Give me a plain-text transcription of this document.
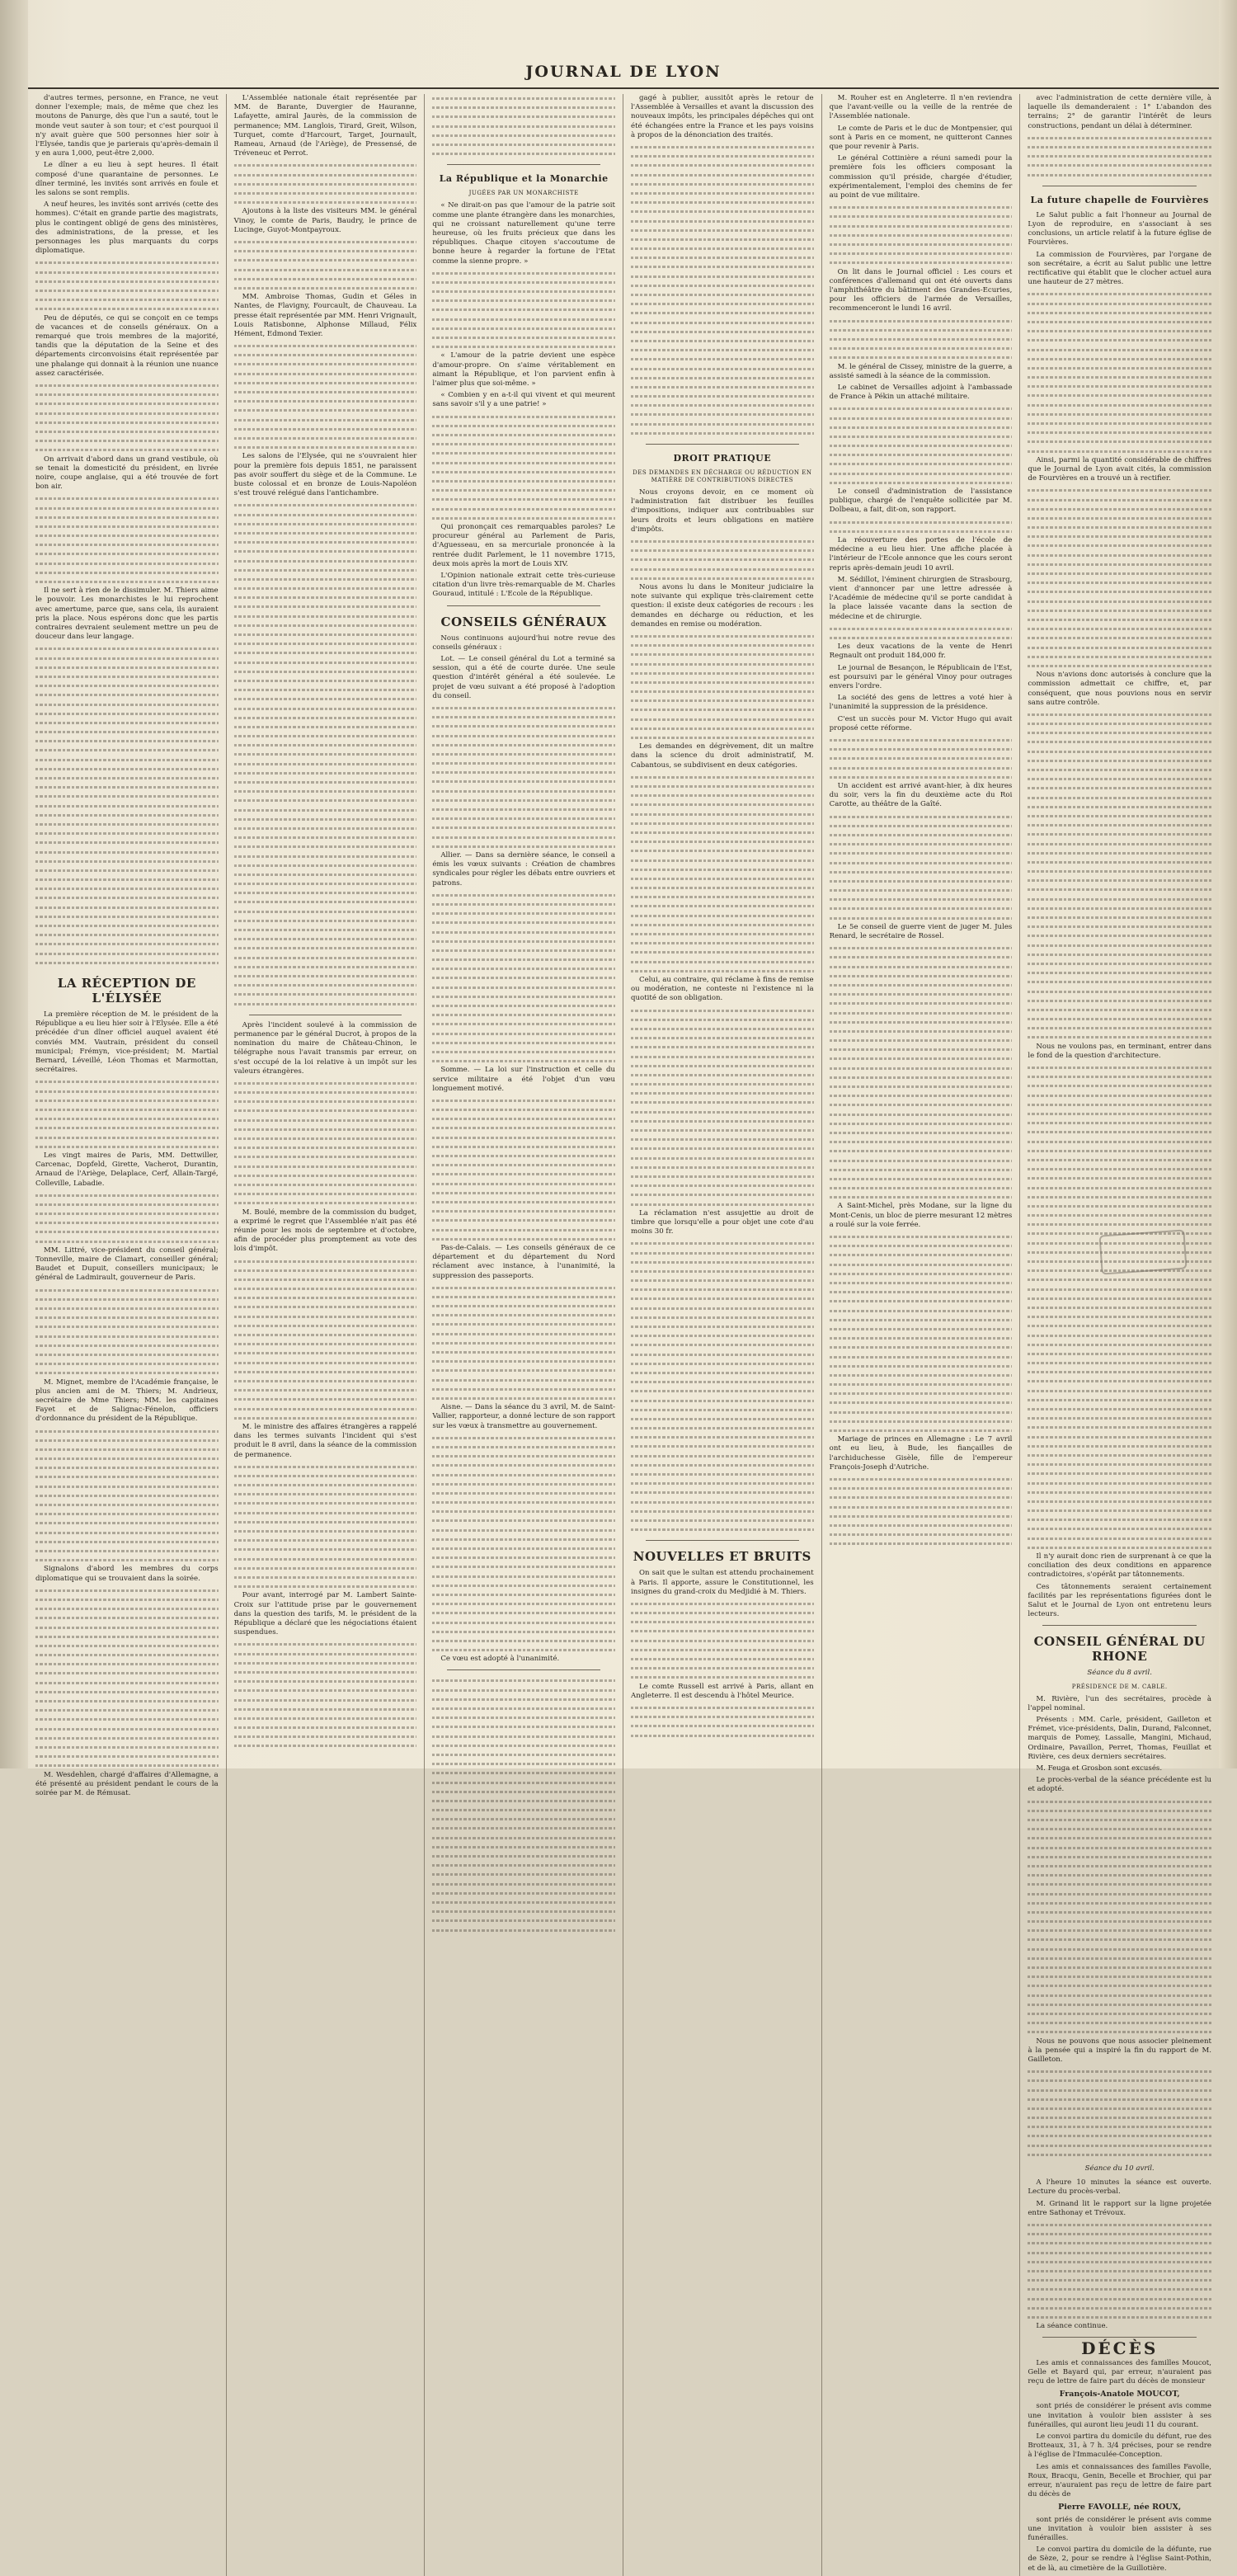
JOURNAL DE LYON

d'autres termes, personne, en France, ne veut donner l'exemple; mais, de même que chez les moutons de Panurge, dès que l'un a sauté, tout le monde veut sauter à son tour; et c'est pourquoi il n'y avait guère que 500 personnes hier soir à l'Elysée, tandis que je parierais qu'après-demain il y en aura 1,000, peut-être 2,000.

Le dîner a eu lieu à sept heures. Il était composé d'une quarantaine de personnes. Le dîner terminé, les invités sont arrivés en foule et les salons se sont remplis.

A neuf heures, les invités sont arrivés (cette des hommes). C'était en grande partie des magistrats, plus le contingent obligé de gens des ministères, des administrations, de la presse, et les personnages les plus marquants du corps diplomatique.

Peu de députés, ce qui se conçoit en ce temps de vacances et de conseils généraux. On a remarqué que trois membres de la majorité, tandis que la députation de la Seine et des départements circonvoisins était représentée par une phalange qui donnait à la réunion une nuance assez caractérisée.

On arrivait d'abord dans un grand vestibule, où se tenait la domesticité du président, en livrée noire, coupe anglaise, qui a été trouvée de fort bon air.

Il ne sert à rien de le dissimuler. M. Thiers aime le pouvoir. Les monarchistes le lui reprochent avec amertume, parce que, sans cela, ils auraient pris la place. Nous espérons donc que les partis contraires devraient seulement mettre un peu de douceur dans leur langage.

LA RÉCEPTION DE L'ÉLYSÉE

La première réception de M. le président de la République a eu lieu hier soir à l'Elysée. Elle a été précédée d'un dîner officiel auquel avaient été conviés MM. Vautrain, président du conseil municipal; Frémyn, vice-président; M. Martial Bernard, Léveillé, Léon Thomas et Marmottan, secrétaires.

Les vingt maires de Paris, MM. Dettwiller, Carcenac, Dopfeld, Girette, Vacherot, Durantin, Arnaud de l'Ariège, Delaplace, Cerf, Allain-Targé, Colleville, Labadie.

MM. Littré, vice-président du conseil général; Tonneville, maire de Clamart, conseiller général; Baudet et Dupuit, conseillers municipaux; le général de Ladmirault, gouverneur de Paris.

M. Mignet, membre de l'Académie française, le plus ancien ami de M. Thiers; M. Andrieux, secrétaire de Mme Thiers; MM. les capitaines Fayet et de Salignac-Fénelon, officiers d'ordonnance du président de la République.

Signalons d'abord les membres du corps diplomatique qui se trouvaient dans la soirée.

M. Wesdehlen, chargé d'affaires d'Allemagne, a été présenté au président pendant le cours de la soirée par M. de Rémusat.

L'Assemblée nationale était représentée par MM. de Barante, Duvergier de Hauranne, Lafayette, amiral Jaurès, de la commission de permanence; MM. Langlois, Tirard, Greit, Wilson, Turquet, comte d'Harcourt, Target, Journault, Rameau, Arnaud (de l'Ariège), de Pressensé, de Tréveneuc et Perrot.

Ajoutons à la liste des visiteurs MM. le général Vinoy, le comte de Paris, Baudry, le prince de Lucinge, Guyot-Montpayroux.

MM. Ambroise Thomas, Gudin et Géles in Nantes, de Flavigny, Fourcault, de Chauveau. La presse était représentée par MM. Henri Vrignault, Louis Ratisbonne, Alphonse Millaud, Félix Hément, Edmond Texier.

Les salons de l'Elysée, qui ne s'ouvraient hier pour la première fois depuis 1851, ne paraissent pas avoir souffert du siège et de la Commune. Le buste colossal et en bronze de Louis-Napoléon s'est trouvé relégué dans l'antichambre.

Après l'incident soulevé à la commission de permanence par le général Ducrot, à propos de la nomination du maire de Château-Chinon, le télégraphe nous l'avait transmis par erreur, on s'est occupé de la loi relative à un impôt sur les valeurs étrangères.

M. Boulé, membre de la commission du budget, a exprimé le regret que l'Assemblée n'ait pas été réunie pour les mois de septembre et d'octobre, afin de procéder plus promptement au vote des lois d'impôt.

M. le ministre des affaires étrangères a rappelé dans les termes suivants l'incident qui s'est produit le 8 avril, dans la séance de la commission de permanence.

Pour avant, interrogé par M. Lambert Sainte-Croix sur l'attitude prise par le gouvernement dans la question des tarifs, M. le président de la République a déclaré que les négociations étaient suspendues.

La République et la Monarchie
JUGÉES PAR UN MONARCHISTE

« Ne dirait-on pas que l'amour de la patrie soit comme une plante étrangère dans les monarchies, qui ne croissant naturellement qu'une terre heureuse, où les fruits précieux que dans les républiques. Chaque citoyen s'accoutume de bonne heure à regarder la fortune de l'Etat comme la sienne propre. »

« L'amour de la patrie devient une espèce d'amour-propre. On s'aime véritablement en aimant la République, et l'on parvient enfin à l'aimer plus que soi-même. »

« Combien y en a-t-il qui vivent et qui meurent sans savoir s'il y a une patrie! »

Qui prononçait ces remarquables paroles? Le procureur général au Parlement de Paris, d'Aguesseau, en sa mercuriale prononcée à la rentrée dudit Parlement, le 11 novembre 1715, deux mois après la mort de Louis XIV.

L'Opinion nationale extrait cette très-curieuse citation d'un livre très-remarquable de M. Charles Gouraud, intitulé : L'Ecole de la République.

CONSEILS GÉNÉRAUX

Nous continuons aujourd'hui notre revue des conseils généraux :

Lot. — Le conseil général du Lot a terminé sa session, qui a été de courte durée. Une seule question d'intérêt général a été soulevée. Le projet de vœu suivant a été proposé à l'adoption du conseil.

Allier. — Dans sa dernière séance, le conseil a émis les vœux suivants : Création de chambres syndicales pour régler les débats entre ouvriers et patrons.

Somme. — La loi sur l'instruction et celle du service militaire a été l'objet d'un vœu longuement motivé.

Pas-de-Calais. — Les conseils généraux de ce département et du département du Nord réclament avec instance, à l'unanimité, la suppression des passeports.

Aisne. — Dans la séance du 3 avril, M. de Saint-Vallier, rapporteur, a donné lecture de son rapport sur les vœux à transmettre au gouvernement.

Ce vœu est adopté à l'unanimité.

gagé à publier, aussitôt après le retour de l'Assemblée à Versailles et avant la discussion des nouveaux impôts, les principales dépêches qui ont été échangées entre la France et les pays voisins à propos de la dénonciation des traités.

DROIT PRATIQUE
DES DEMANDES EN DÉCHARGE OU RÉDUCTION EN MATIÈRE DE CONTRIBUTIONS DIRECTES

Nous croyons devoir, en ce moment où l'administration fait distribuer les feuilles d'impositions, indiquer aux contribuables sur leurs droits et leurs obligations en matière d'impôts.

Nous avons lu dans le Moniteur judiciaire la note suivante qui explique très-clairement cette question: il existe deux catégories de recours : les demandes en décharge ou réduction, et les demandes en remise ou modération.

Les demandes en dégrèvement, dit un maître dans la science du droit administratif, M. Cabantous, se subdivisent en deux catégories.

Celui, au contraire, qui réclame à fins de remise ou modération, ne conteste ni l'existence ni la quotité de son obligation.

La réclamation n'est assujettie au droit de timbre que lorsqu'elle a pour objet une cote d'au moins 30 fr.

NOUVELLES ET BRUITS

On sait que le sultan est attendu prochainement à Paris. Il apporte, assure le Constitutionnel, les insignes du grand-croix du Medjidié à M. Thiers.

Le comte Russell est arrivé à Paris, allant en Angleterre. Il est descendu à l'hôtel Meurice.

M. Rouher est en Angleterre. Il n'en reviendra que l'avant-veille ou la veille de la rentrée de l'Assemblée nationale.

Le comte de Paris et le duc de Montpensier, qui sont à Paris en ce moment, ne quitteront Cannes que pour revenir à Paris.

Le général Cottinière a réuni samedi pour la première fois les officiers composant la commission qu'il préside, chargée d'étudier, expérimentalement, l'emploi des chemins de fer au point de vue militaire.

On lit dans le Journal officiel : Les cours et conférences d'allemand qui ont été ouverts dans l'amphithéâtre du bâtiment des Grandes-Ecuries, pour les officiers de l'armée de Versailles, recommenceront le lundi 16 avril.

M. le général de Cissey, ministre de la guerre, a assisté samedi à la séance de la commission.

Le cabinet de Versailles adjoint à l'ambassade de France à Pékin un attaché militaire.

Le conseil d'administration de l'assistance publique, chargé de l'enquête sollicitée par M. Dolbeau, a fait, dit-on, son rapport.

La réouverture des portes de l'école de médecine a eu lieu hier. Une affiche placée à l'intérieur de l'Ecole annonce que les cours seront repris après-demain jeudi 10 avril.

M. Sédillot, l'éminent chirurgien de Strasbourg, vient d'annoncer par une lettre adressée à l'Académie de médecine qu'il se porte candidat à la place laissée vacante dans la section de médecine et de chirurgie.

Les deux vacations de la vente de Henri Regnault ont produit 184,000 fr.

Le journal de Besançon, le Républicain de l'Est, est poursuivi par le général Vinoy pour outrages envers l'ordre.

La société des gens de lettres a voté hier à l'unanimité la suppression de la présidence.

C'est un succès pour M. Victor Hugo qui avait proposé cette réforme.

Un accident est arrivé avant-hier, à dix heures du soir, vers la fin du deuxième acte du Roi Carotte, au théâtre de la Gaîté.

Le 5e conseil de guerre vient de juger M. Jules Renard, le secrétaire de Rossel.

A Saint-Michel, près Modane, sur la ligne du Mont-Cenis, un bloc de pierre mesurant 12 mètres a roulé sur la voie ferrée.

Mariage de princes en Allemagne : Le 7 avril ont eu lieu, à Bude, les fiançailles de l'archiduchesse Gisèle, fille de l'empereur François-Joseph d'Autriche.

avec l'administration de cette dernière ville, à laquelle ils demanderaient : 1° L'abandon des terrains; 2° de garantir l'intérêt de leurs constructions, pendant un délai à déterminer.

La future chapelle de Fourvières

Le Salut public a fait l'honneur au Journal de Lyon de reproduire, en s'associant à ses conclusions, un article relatif à la future église de Fourvières.

La commission de Fourvières, par l'organe de son secrétaire, a écrit au Salut public une lettre rectificative qui établit que le clocher actuel aura une hauteur de 27 mètres.

Ainsi, parmi la quantité considérable de chiffres que le Journal de Lyon avait cités, la commission de Fourvières en a trouvé un à rectifier.

Nous n'avions donc autorisés à conclure que la commission admettait ce chiffre, et, par conséquent, que nous pouvions nous en servir sans autre contrôle.

Nous ne voulons pas, en terminant, entrer dans le fond de la question d'architecture.

Il n'y aurait donc rien de surprenant à ce que la conciliation des deux conditions en apparence contradictoires, s'opérât par tâtonnements.

Ces tâtonnements seraient certainement facilités par les représentations figurées dont le Salut et le Journal de Lyon ont entretenu leurs lecteurs.

CONSEIL GÉNÉRAL DU RHONE
Séance du 8 avril.
PRÉSIDENCE DE M. CABLE.

M. Rivière, l'un des secrétaires, procède à l'appel nominal.

Présents : MM. Carle, président, Gailleton et Frémet, vice-présidents, Dalin, Durand, Falconnet, marquis de Pomey, Lassalle, Mangini, Michaud, Ordinaire, Pavaillon, Perret, Thomas, Feuillat et Rivière, ces deux derniers secrétaires.

M. Feuga et Grosbon sont excusés.

Le procès-verbal de la séance précédente est lu et adopté.

Nous ne pouvons que nous associer pleinement à la pensée qui a inspiré la fin du rapport de M. Gailleton.

Séance du 10 avril.

A l'heure 10 minutes la séance est ouverte. Lecture du procès-verbal.

M. Grinand lit le rapport sur la ligne projetée entre Sathonay et Trévoux.

La séance continue.

DÉCÈS

Les amis et connaissances des familles Moucot, Gelle et Bayard qui, par erreur, n'auraient pas reçu de lettre de faire part du décès de monsieur

François-Anatole MOUCOT,

sont priés de considérer le présent avis comme une invitation à vouloir bien assister à ses funérailles, qui auront lieu jeudi 11 du courant.

Le convoi partira du domicile du défunt, rue des Brotteaux, 31, à 7 h. 3/4 précises, pour se rendre à l'église de l'Immaculée-Conception.

Les amis et connaissances des familles Favolle, Roux, Bracqu, Genin, Becelle et Brochier, qui par erreur, n'auraient pas reçu de lettre de faire part du décès de

Pierre FAVOLLE, née ROUX,

sont priés de considérer le présent avis comme une invitation à vouloir bien assister à ses funérailles.

Le convoi partira du domicile de la défunte, rue de Sèze, 2, pour se rendre à l'église Saint-Pothin, et de là, au cimetière de la Guillotière.
